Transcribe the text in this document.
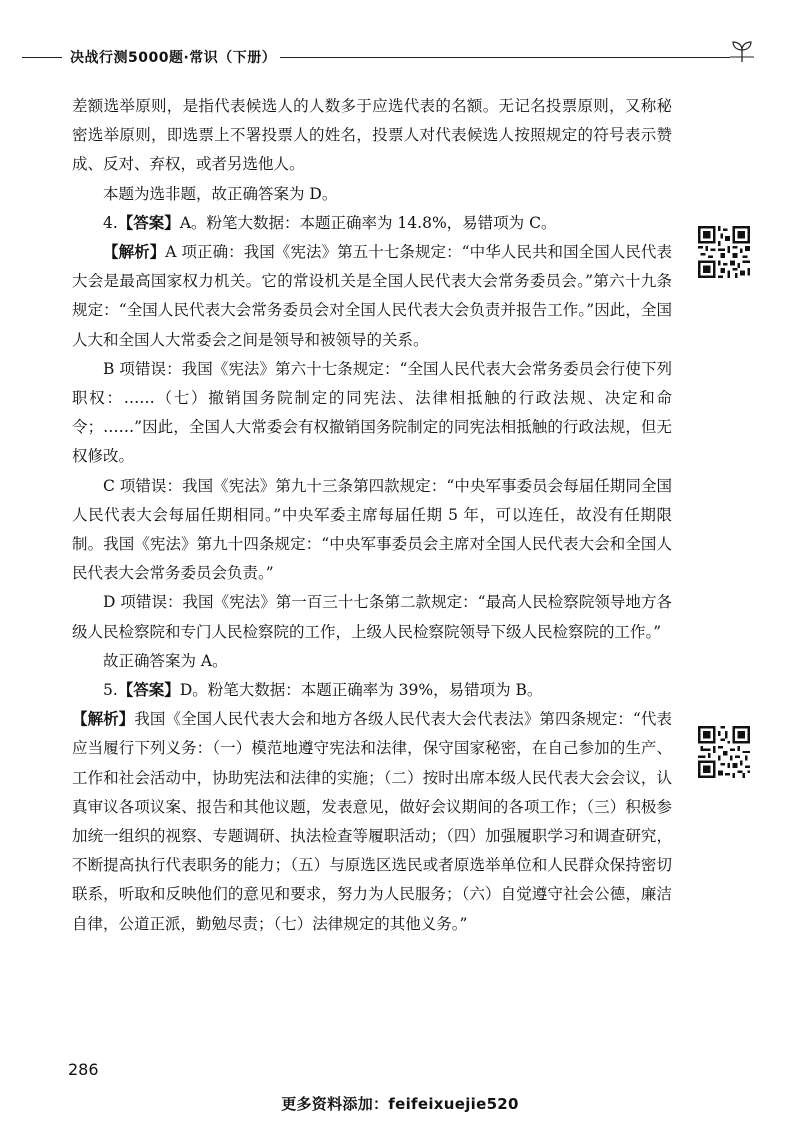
决战行测5000题·常识（下册）

差额选举原则，是指代表候选人的人数多于应选代表的名额。无记名投票原则，又称秘密选举原则，即选票上不署投票人的姓名，投票人对代表候选人按照规定的符号表示赞成、反对、弃权，或者另选他人。

本题为选非题，故正确答案为 D。

4.【答案】A。粉笔大数据：本题正确率为 14.8%，易错项为 C。

【解析】A 项正确：我国《宪法》第五十七条规定：“中华人民共和国全国人民代表大会是最高国家权力机关。它的常设机关是全国人民代表大会常务委员会。”第六十九条规定：“全国人民代表大会常务委员会对全国人民代表大会负责并报告工作。”因此，全国人大和全国人大常委会之间是领导和被领导的关系。

B 项错误：我国《宪法》第六十七条规定：“全国人民代表大会常务委员会行使下列职权：……（七）撤销国务院制定的同宪法、法律相抵触的行政法规、决定和命令；……”因此，全国人大常委会有权撤销国务院制定的同宪法相抵触的行政法规，但无权修改。

C 项错误：我国《宪法》第九十三条第四款规定：“中央军事委员会每届任期同全国人民代表大会每届任期相同。”中央军委主席每届任期 5 年，可以连任，故没有任期限制。我国《宪法》第九十四条规定：“中央军事委员会主席对全国人民代表大会和全国人民代表大会常务委员会负责。”

D 项错误：我国《宪法》第一百三十七条第二款规定：“最高人民检察院领导地方各级人民检察院和专门人民检察院的工作，上级人民检察院领导下级人民检察院的工作。”

故正确答案为 A。

5.【答案】D。粉笔大数据：本题正确率为 39%，易错项为 B。

【解析】我国《全国人民代表大会和地方各级人民代表大会代表法》第四条规定：“代表应当履行下列义务：（一）模范地遵守宪法和法律，保守国家秘密，在自己参加的生产、工作和社会活动中，协助宪法和法律的实施；（二）按时出席本级人民代表大会会议，认真审议各项议案、报告和其他议题，发表意见，做好会议期间的各项工作；（三）积极参加统一组织的视察、专题调研、执法检查等履职活动；（四）加强履职学习和调查研究，不断提高执行代表职务的能力；（五）与原选区选民或者原选举单位和人民群众保持密切联系，听取和反映他们的意见和要求，努力为人民服务；（六）自觉遵守社会公德，廉洁自律，公道正派，勤勉尽责；（七）法律规定的其他义务。”

286
更多资料添加：feifeixuejie520
